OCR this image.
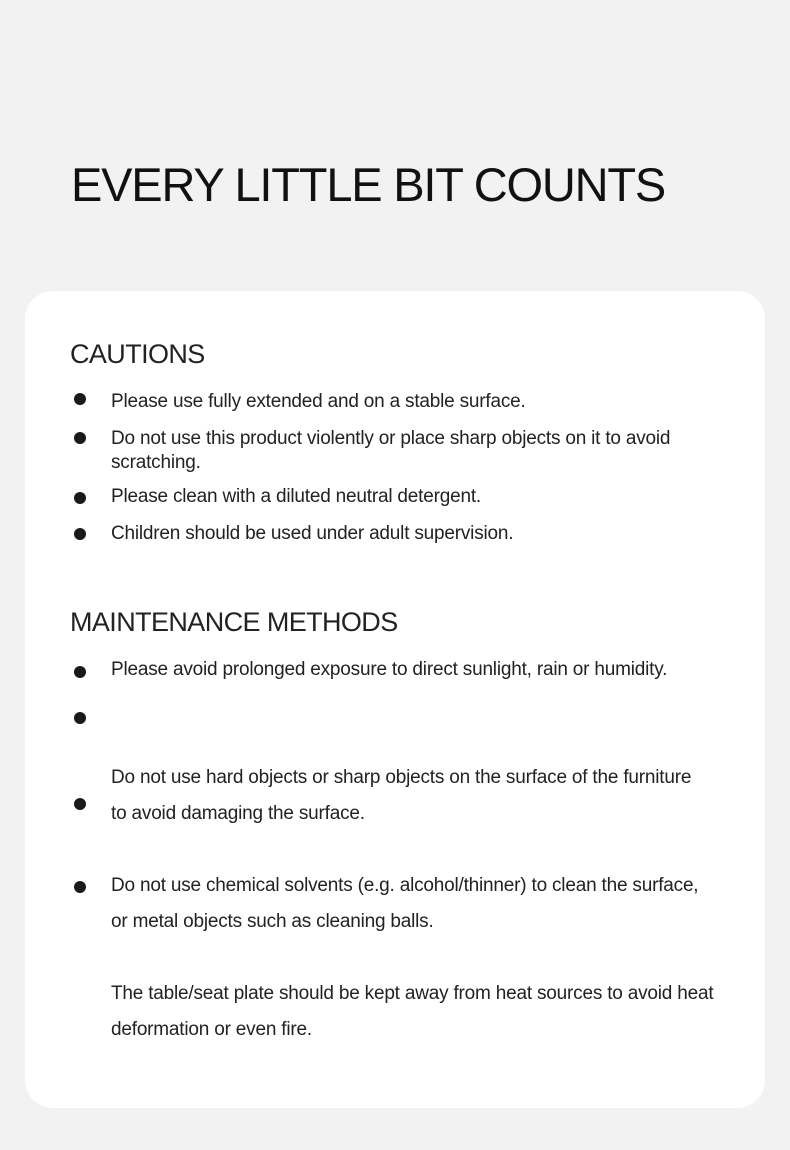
EVERY LITTLE BIT COUNTS
CAUTIONS

Please use fully extended and on a stable surface.

Do not use this product violently or place sharp objects on it to avoid scratching.

Please clean with a diluted neutral detergent.

Children should be used under adult supervision.

MAINTENANCE METHODS

Please avoid prolonged exposure to direct sunlight, rain or humidity.

Do not use hard objects or sharp objects on the surface of the furniture to avoid damaging the surface.

Do not use chemical solvents (e.g. alcohol/thinner) to clean the surface, or metal objects such as cleaning balls.

The table/seat plate should be kept away from heat sources to avoid heat deformation or even fire.
